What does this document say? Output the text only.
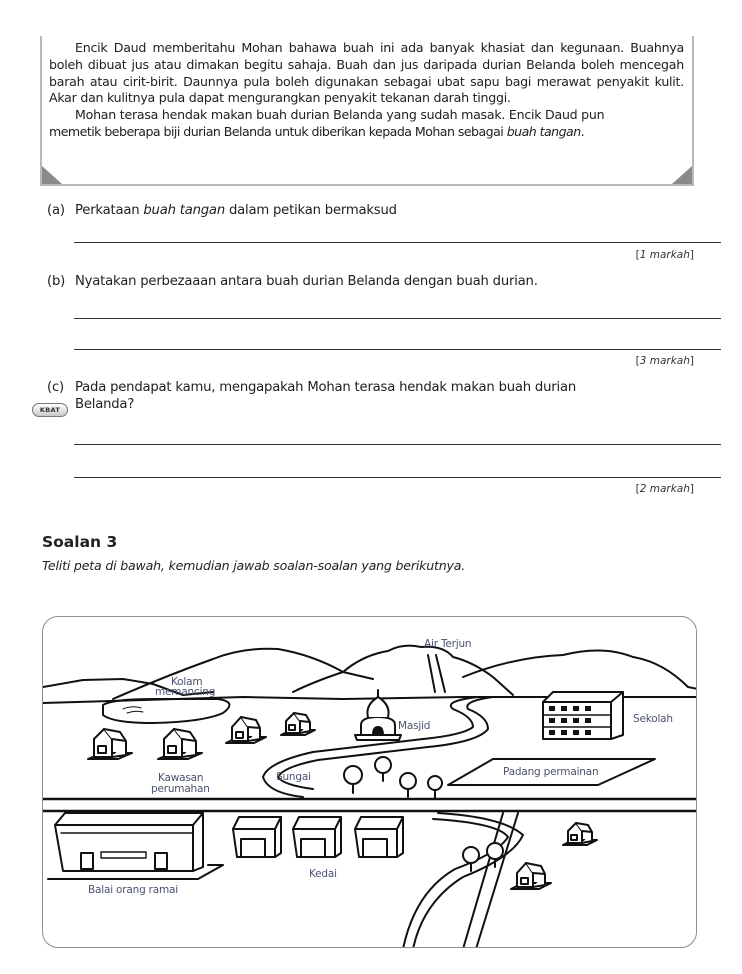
Encik Daud memberitahu Mohan bahawa buah ini ada banyak khasiat dan kegunaan. Buahnya boleh dibuat jus atau dimakan begitu sahaja. Buah dan jus daripada durian Belanda boleh mencegah barah atau cirit-birit. Daunnya pula boleh digunakan sebagai ubat sapu bagi merawat penyakit kulit. Akar dan kulitnya pula dapat mengurangkan penyakit tekanan darah tinggi.

Mohan terasa hendak makan buah durian Belanda yang sudah masak. Encik Daud pun

memetik beberapa biji durian Belanda untuk diberikan kepada Mohan sebagai buah tangan.

(a) Perkataan buah tangan dalam petikan bermaksud
[1 markah]
(b) Nyatakan perbezaaan antara buah durian Belanda dengan buah durian.
[3 markah]
(c) Pada pendapat kamu, mengapakah Mohan terasa hendak makan buah durian
Belanda?
KBAT
[2 markah]
Soalan 3
Teliti peta di bawah, kemudian jawab soalan-soalan yang berikutnya.
Air Terjun
Kolam
memancing
Masjid
Sekolah
Kawasan
perumahan
Sungai	Padang permainan
Kedai
Balai orang ramai
